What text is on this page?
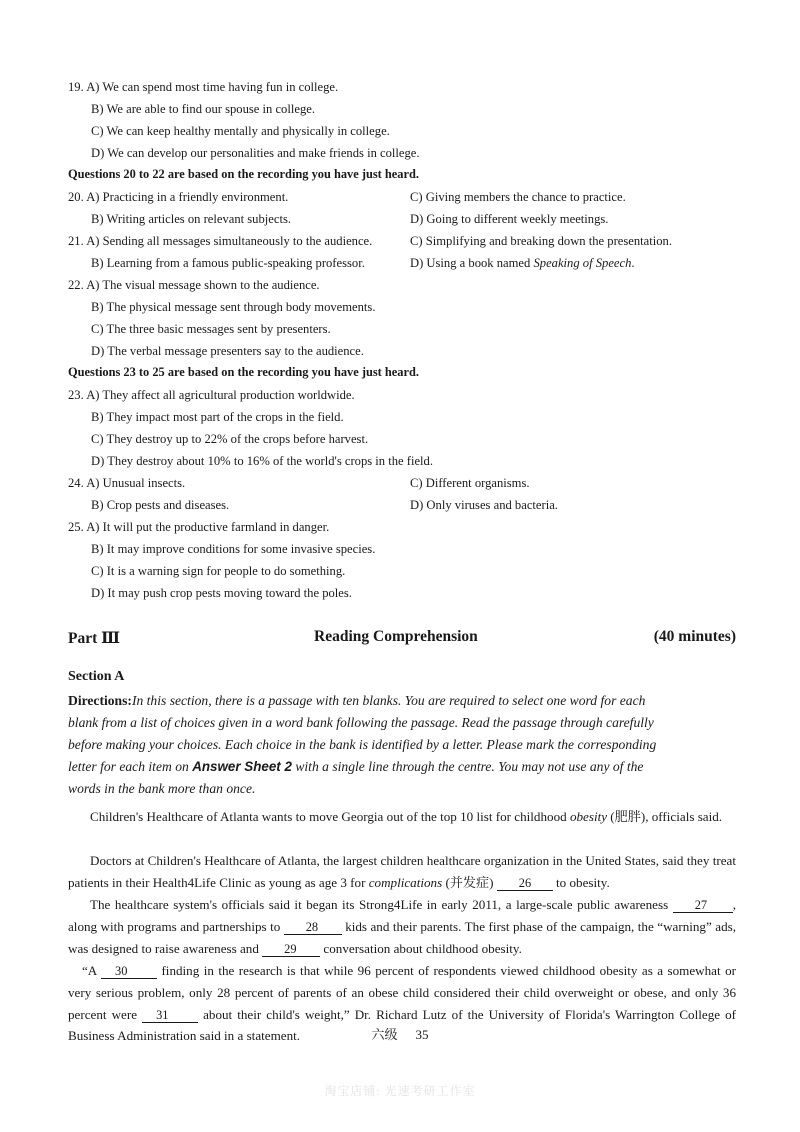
19. A) We can spend most time having fun in college.
B) We are able to find our spouse in college.
C) We can keep healthy mentally and physically in college.
D) We can develop our personalities and make friends in college.
Questions 20 to 22 are based on the recording you have just heard.
20. A) Practicing in a friendly environment.	C) Giving members the chance to practice.
B) Writing articles on relevant subjects.	D) Going to different weekly meetings.
21. A) Sending all messages simultaneously to the audience.	C) Simplifying and breaking down the presentation.
B) Learning from a famous public-speaking professor.	D) Using a book named Speaking of Speech.
22. A) The visual message shown to the audience.
B) The physical message sent through body movements.
C) The three basic messages sent by presenters.
D) The verbal message presenters say to the audience.
Questions 23 to 25 are based on the recording you have just heard.
23. A) They affect all agricultural production worldwide.
B) They impact most part of the crops in the field.
C) They destroy up to 22% of the crops before harvest.
D) They destroy about 10% to 16% of the world's crops in the field.
24. A) Unusual insects.	C) Different organisms.
B) Crop pests and diseases.	D) Only viruses and bacteria.
25. A) It will put the productive farmland in danger.
B) It may improve conditions for some invasive species.
C) It is a warning sign for people to do something.
D) It may push crop pests moving toward the poles.
Part Ⅲ	Reading Comprehension	(40 minutes)
Section A
Directions:In this section, there is a passage with ten blanks. You are required to select one word for each
blank from a list of choices given in a word bank following the passage. Read the passage through carefully
before making your choices. Each choice in the bank is identified by a letter. Please mark the corresponding
letter for each item on Answer Sheet 2 with a single line through the centre. You may not use any of the
words in the bank more than once.
Children's Healthcare of Atlanta wants to move Georgia out of the top 10 list for childhood obesity (肥胖), officials said.
Doctors at Children's Healthcare of Atlanta, the largest children healthcare organization in the United States, said they treat patients in their Health4Life Clinic as young as age 3 for complications (并发症) 26 to obesity.
The healthcare system's officials said it began its Strong4Life in early 2011, a large-scale public awareness 27 , along with programs and partnerships to 28 kids and their parents. The first phase of the campaign, the “warning” ads, was designed to raise awareness and 29 conversation about childhood obesity.
“A 30 finding in the research is that while 96 percent of respondents viewed childhood obesity as a somewhat or very serious problem, only 28 percent of parents of an obese child considered their child overweight or obese, and only 36 percent were 31 about their child's weight,” Dr. Richard Lutz of the University of Florida's Warrington College of Business Administration said in a statement.	六级 35
淘宝店铺: 光速考研工作室
